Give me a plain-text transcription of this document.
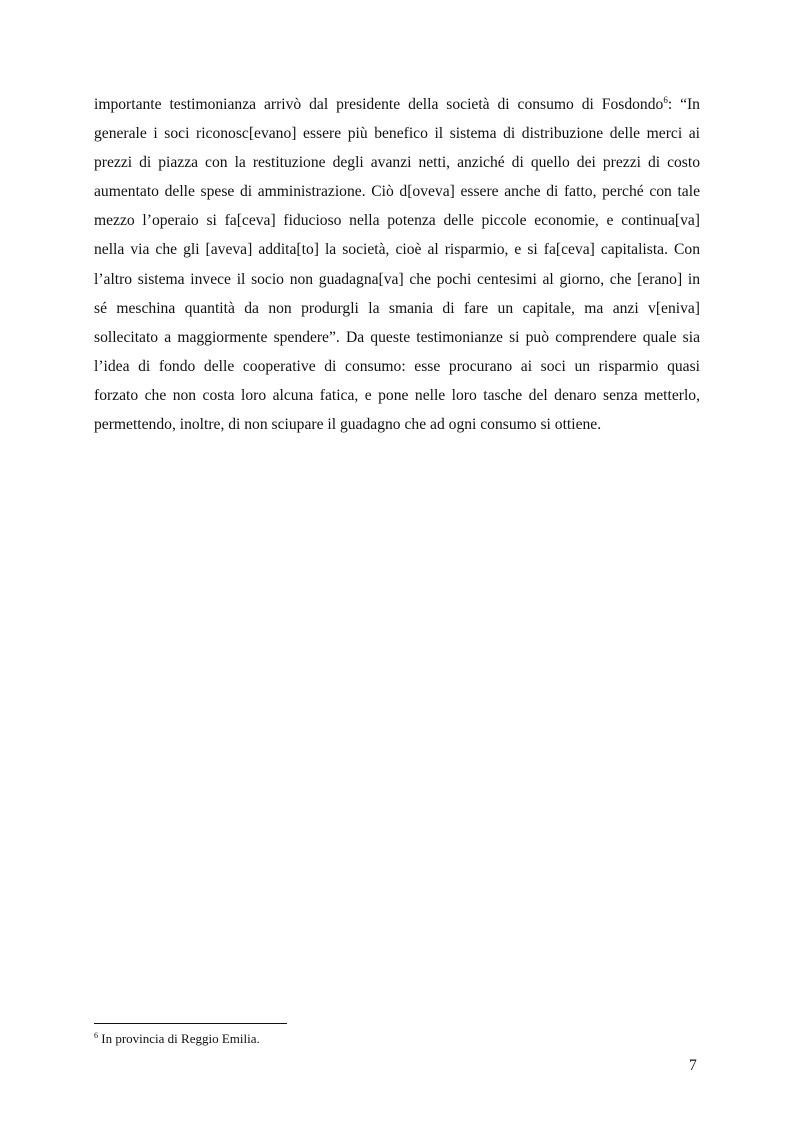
importante testimonianza arrivò dal presidente della società di consumo di Fosdondo$^6$: “In
generale i soci riconosc[evano] essere più benefico il sistema di distribuzione delle merci ai
prezzi di piazza con la restituzione degli avanzi netti, anziché di quello dei prezzi di costo
aumentato delle spese di amministrazione. Ciò d[oveva] essere anche di fatto, perché con tale
mezzo l’operaio si fa[ceva] fiducioso nella potenza delle piccole economie, e continua[va]
nella via che gli [aveva] addita[to] la società, cioè al risparmio, e si fa[ceva] capitalista. Con
l’altro sistema invece il socio non guadagna[va] che pochi centesimi al giorno, che [erano] in
sé meschina quantità da non produrgli la smania di fare un capitale, ma anzi v[eniva]
sollecitato a maggiormente spendere”. Da queste testimonianze si può comprendere quale sia
l’idea di fondo delle cooperative di consumo: esse procurano ai soci un risparmio quasi
forzato che non costa loro alcuna fatica, e pone nelle loro tasche del denaro senza metterlo,
permettendo, inoltre, di non sciupare il guadagno che ad ogni consumo si ottiene.
$^6$ In provincia di Reggio Emilia.
7
